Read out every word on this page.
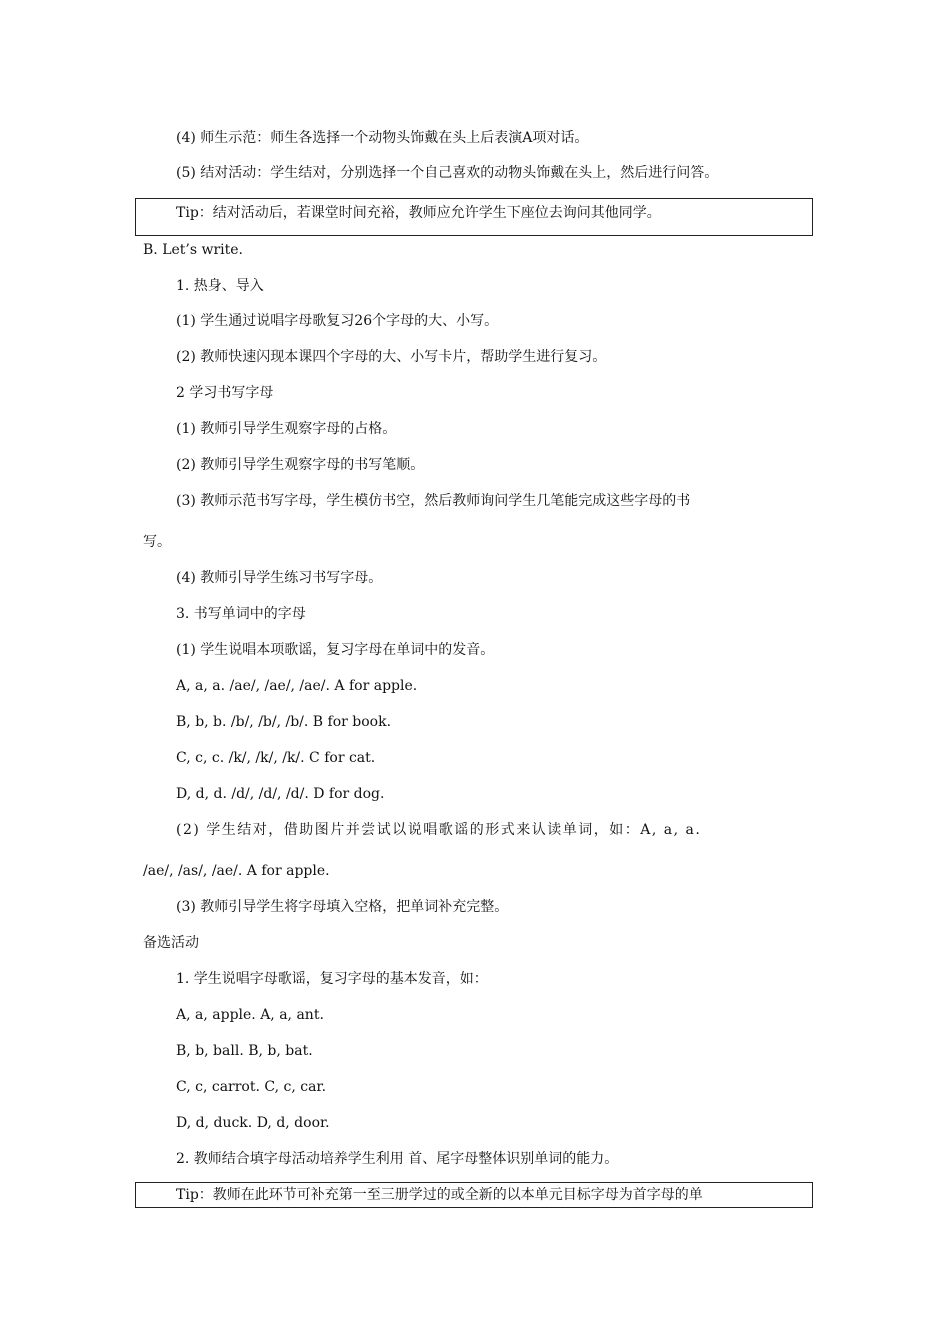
(4) 师生示范：师生各选择一个动物头饰戴在头上后表演A项对话。
(5) 结对活动：学生结对，分别选择一个自己喜欢的动物头饰戴在头上，然后进行问答。
Tip：结对活动后，若课堂时间充裕，教师应允许学生下座位去询问其他同学。
B. Let’s write.
1. 热身、导入
(1) 学生通过说唱字母歌复习26个字母的大、小写。
(2) 教师快速闪现本课四个字母的大、小写卡片，帮助学生进行复习。
2 学习书写字母
(1) 教师引导学生观察字母的占格。
(2) 教师引导学生观察字母的书写笔顺。
(3) 教师示范书写字母，学生模仿书空，然后教师询问学生几笔能完成这些字母的书
写。
(4) 教师引导学生练习书写字母。
3. 书写单词中的字母
(1) 学生说唱本项歌谣，复习字母在单词中的发音。
A, a, a. /ae/, /ae/, /ae/. A for apple.
B, b, b. /b/, /b/, /b/. B for book.
C, c, c. /k/, /k/, /k/. C for cat.
D, d, d. /d/, /d/, /d/. D for dog.
(2) 学生结对，借助图片并尝试以说唱歌谣的形式来认读单词，如：A, a, a.
/ae/, /as/, /ae/. A for apple.
(3) 教师引导学生将字母填入空格，把单词补充完整。
备选活动
1. 学生说唱字母歌谣，复习字母的基本发音，如：
A, a, apple. A, a, ant.
B, b, ball. B, b, bat.
C, c, carrot. C, c, car.
D, d, duck. D, d, door.
2. 教师结合填字母活动培养学生利用 首、尾字母整体识别单词的能力。
Tip：教师在此环节可补充第一至三册学过的或全新的以本单元目标字母为首字母的单
